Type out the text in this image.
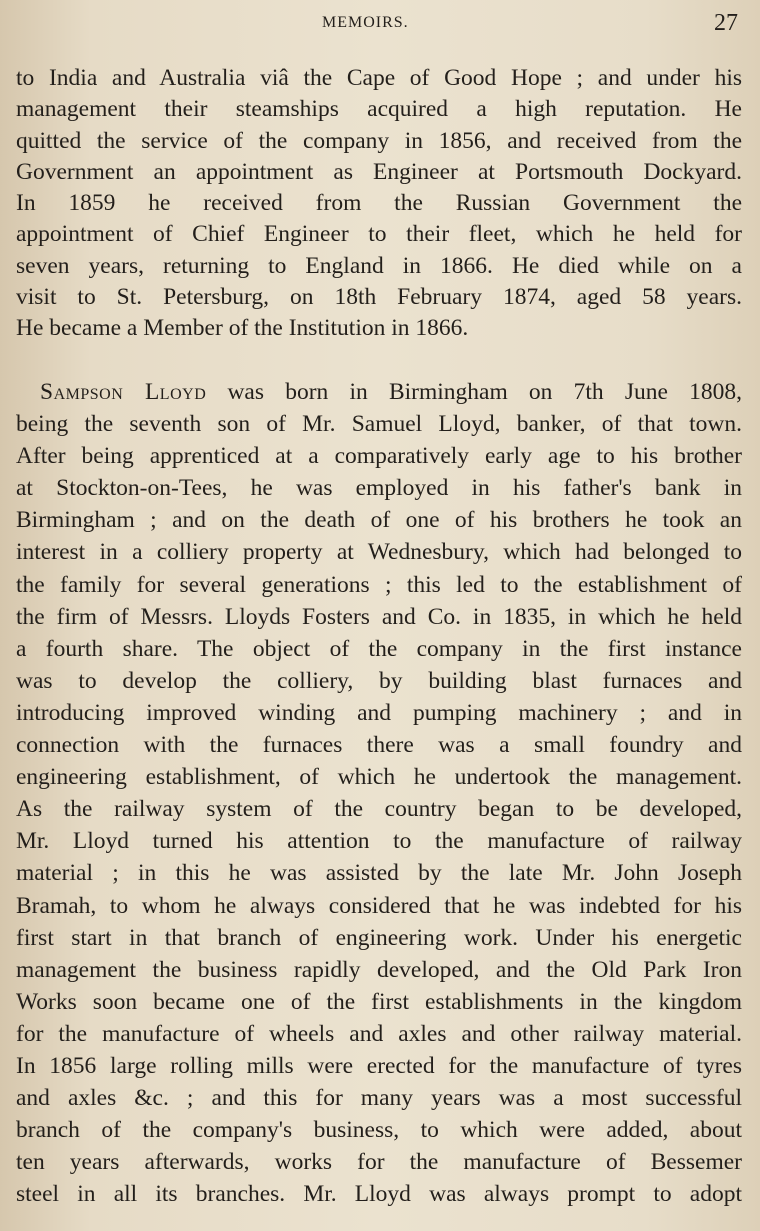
MEMOIRS.	27
to India and Australia viâ the Cape of Good Hope ; and under his
management their steamships acquired a high reputation. He
quitted the service of the company in 1856, and received from the
Government an appointment as Engineer at Portsmouth Dockyard.
In 1859 he received from the Russian Government the
appointment of Chief Engineer to their fleet, which he held for
seven years, returning to England in 1866. He died while on a
visit to St. Petersburg, on 18th February 1874, aged 58 years.
He became a Member of the Institution in 1866.
Sampson Lloyd was born in Birmingham on 7th June 1808,
being the seventh son of Mr. Samuel Lloyd, banker, of that town.
After being apprenticed at a comparatively early age to his brother
at Stockton-on-Tees, he was employed in his father's bank in
Birmingham ; and on the death of one of his brothers he took an
interest in a colliery property at Wednesbury, which had belonged to
the family for several generations ; this led to the establishment of
the firm of Messrs. Lloyds Fosters and Co. in 1835, in which he held
a fourth share. The object of the company in the first instance
was to develop the colliery, by building blast furnaces and
introducing improved winding and pumping machinery ; and in
connection with the furnaces there was a small foundry and
engineering establishment, of which he undertook the management.
As the railway system of the country began to be developed,
Mr. Lloyd turned his attention to the manufacture of railway
material ; in this he was assisted by the late Mr. John Joseph
Bramah, to whom he always considered that he was indebted for his
first start in that branch of engineering work. Under his energetic
management the business rapidly developed, and the Old Park Iron
Works soon became one of the first establishments in the kingdom
for the manufacture of wheels and axles and other railway material.
In 1856 large rolling mills were erected for the manufacture of tyres
and axles &c. ; and this for many years was a most successful
branch of the company's business, to which were added, about
ten years afterwards, works for the manufacture of Bessemer
steel in all its branches. Mr. Lloyd was always prompt to adopt
